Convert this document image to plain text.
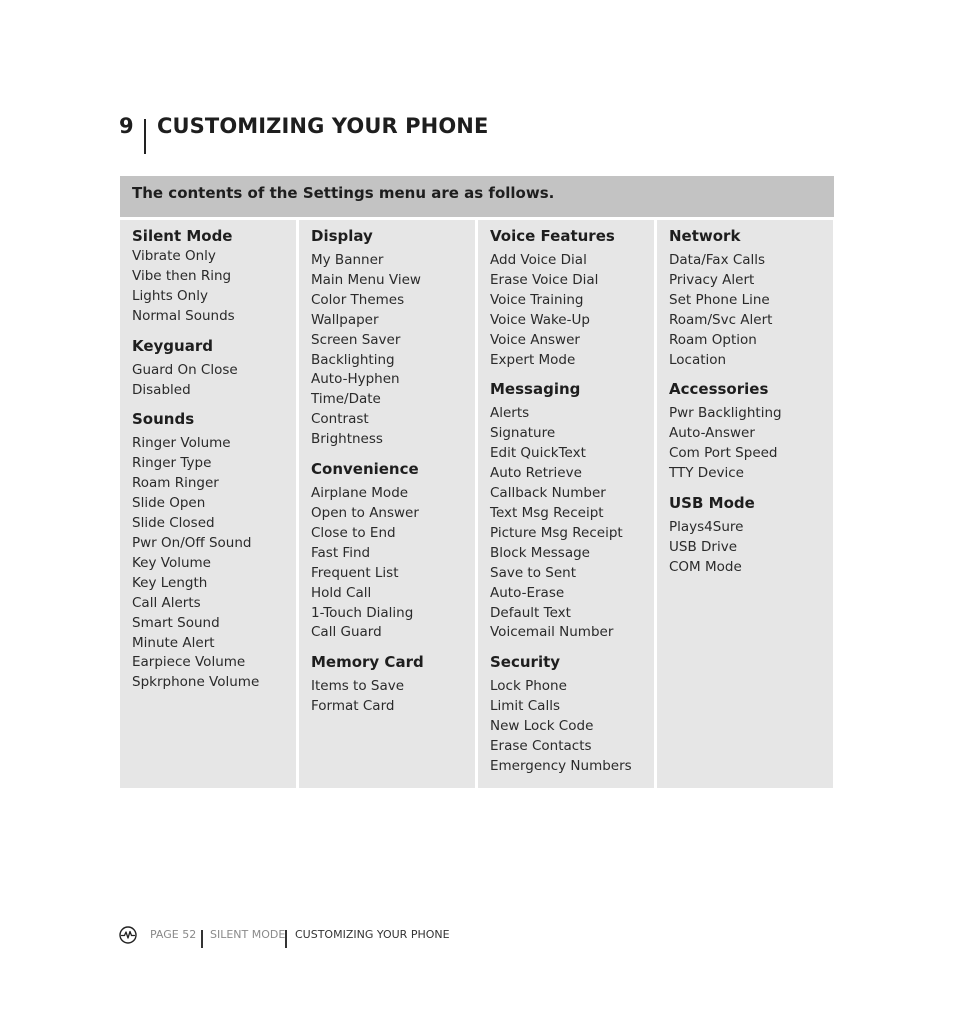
9 CUSTOMIZING YOUR PHONE
The contents of the Settings menu are as follows.
Silent Mode
Vibrate Only
Vibe then Ring
Lights Only
Normal Sounds
Keyguard
Guard On Close
Disabled
Sounds
Ringer Volume
Ringer Type
Roam Ringer
Slide Open
Slide Closed
Pwr On/Off Sound
Key Volume
Key Length
Call Alerts
Smart Sound
Minute Alert
Earpiece Volume
Spkrphone Volume
Display
My Banner
Main Menu View
Color Themes
Wallpaper
Screen Saver
Backlighting
Auto-Hyphen
Time/Date
Contrast
Brightness
Convenience
Airplane Mode
Open to Answer
Close to End
Fast Find
Frequent List
Hold Call
1-Touch Dialing
Call Guard
Memory Card
Items to Save
Format Card
Voice Features
Add Voice Dial
Erase Voice Dial
Voice Training
Voice Wake-Up
Voice Answer
Expert Mode
Messaging
Alerts
Signature
Edit QuickText
Auto Retrieve
Callback Number
Text Msg Receipt
Picture Msg Receipt
Block Message
Save to Sent
Auto-Erase
Default Text
Voicemail Number
Security
Lock Phone
Limit Calls
New Lock Code
Erase Contacts
Emergency Numbers
Network
Data/Fax Calls
Privacy Alert
Set Phone Line
Roam/Svc Alert
Roam Option
Location
Accessories
Pwr Backlighting
Auto-Answer
Com Port Speed
TTY Device
USB Mode
Plays4Sure
USB Drive
COM Mode
PAGE 52 SILENT MODE CUSTOMIZING YOUR PHONE
